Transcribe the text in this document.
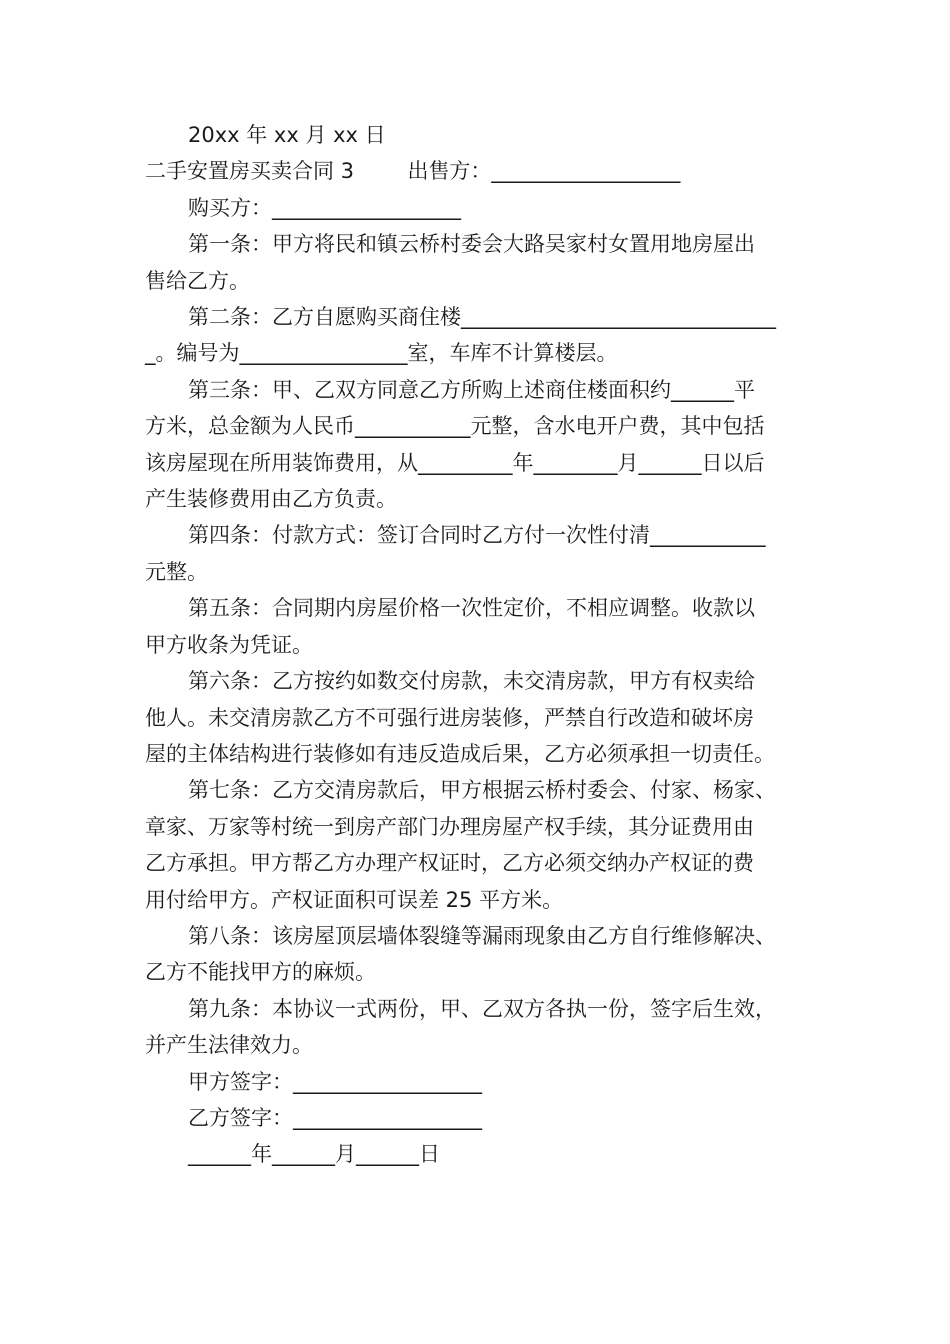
20xx 年 xx 月 xx 日
二手安置房买卖合同 3        出售方：__________________
购买方：__________________
第一条：甲方将民和镇云桥村委会大路吴家村女置用地房屋出
售给乙方。
第二条：乙方自愿购买商住楼______________________________
_。编号为________________室，车库不计算楼层。
第三条：甲、乙双方同意乙方所购上述商住楼面积约______平
方米，总金额为人民币___________元整，含水电开户费，其中包括
该房屋现在所用装饰费用，从_________年________月______日以后
产生装修费用由乙方负责。
第四条：付款方式：签订合同时乙方付一次性付清___________
元整。
第五条：合同期内房屋价格一次性定价，不相应调整。收款以
甲方收条为凭证。
第六条：乙方按约如数交付房款，未交清房款，甲方有权卖给
他人。未交清房款乙方不可强行进房装修，严禁自行改造和破坏房
屋的主体结构进行装修如有违反造成后果，乙方必须承担一切责任。
第七条：乙方交清房款后，甲方根据云桥村委会、付家、杨家、
章家、万家等村统一到房产部门办理房屋产权手续，其分证费用由
乙方承担。甲方帮乙方办理产权证时，乙方必须交纳办产权证的费
用付给甲方。产权证面积可误差 25 平方米。
第八条：该房屋顶层墙体裂缝等漏雨现象由乙方自行维修解决、
乙方不能找甲方的麻烦。
第九条：本协议一式两份，甲、乙双方各执一份，签字后生效，
并产生法律效力。
甲方签字：__________________
乙方签字：__________________
______年______月______日
